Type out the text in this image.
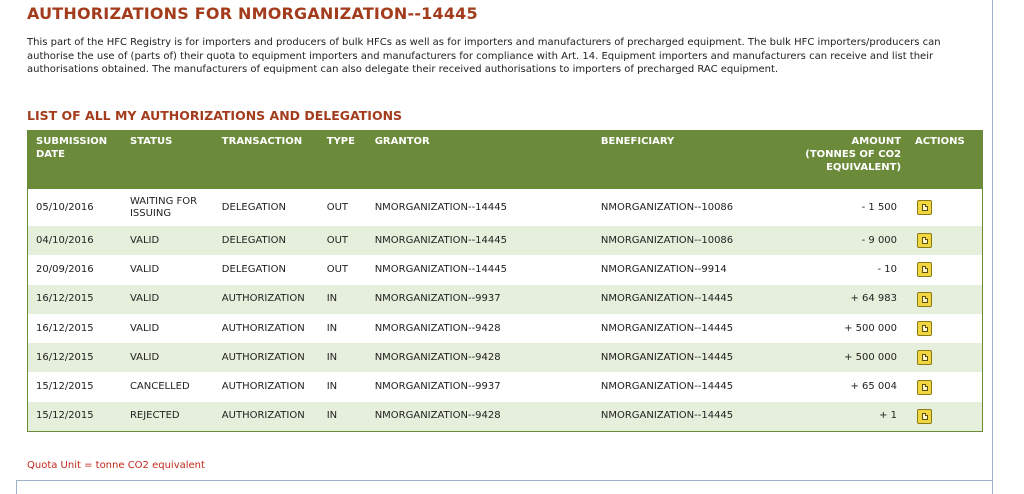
AUTHORIZATIONS FOR NMORGANIZATION--14445

This part of the HFC Registry is for importers and producers of bulk HFCs as well as for importers and manufacturers of precharged equipment. The bulk HFC importers/producers can authorise the use of (parts of) their quota to equipment importers and manufacturers for compliance with Art. 14. Equipment importers and manufacturers can receive and list their authorisations obtained. The manufacturers of equipment can also delegate their received authorisations to importers of precharged RAC equipment.

LIST OF ALL MY AUTHORIZATIONS AND DELEGATIONS
SUBMISSION DATE	STATUS	TRANSACTION	TYPE	GRANTOR	BENEFICIARY	AMOUNT (TONNES OF CO2 EQUIVALENT)	ACTIONS
05/10/2016	WAITING FOR ISSUING	DELEGATION	OUT	NMORGANIZATION--14445	NMORGANIZATION--10086	- 1 500	

04/10/2016	VALID	DELEGATION	OUT	NMORGANIZATION--14445	NMORGANIZATION--10086	- 9 000	

20/09/2016	VALID	DELEGATION	OUT	NMORGANIZATION--14445	NMORGANIZATION--9914	- 10	

16/12/2015	VALID	AUTHORIZATION	IN	NMORGANIZATION--9937	NMORGANIZATION--14445	+ 64 983	

16/12/2015	VALID	AUTHORIZATION	IN	NMORGANIZATION--9428	NMORGANIZATION--14445	+ 500 000	

16/12/2015	VALID	AUTHORIZATION	IN	NMORGANIZATION--9428	NMORGANIZATION--14445	+ 500 000	

15/12/2015	CANCELLED	AUTHORIZATION	IN	NMORGANIZATION--9937	NMORGANIZATION--14445	+ 65 004	

15/12/2015	REJECTED	AUTHORIZATION	IN	NMORGANIZATION--9428	NMORGANIZATION--14445	+ 1	

Quota Unit = tonne CO2 equivalent
